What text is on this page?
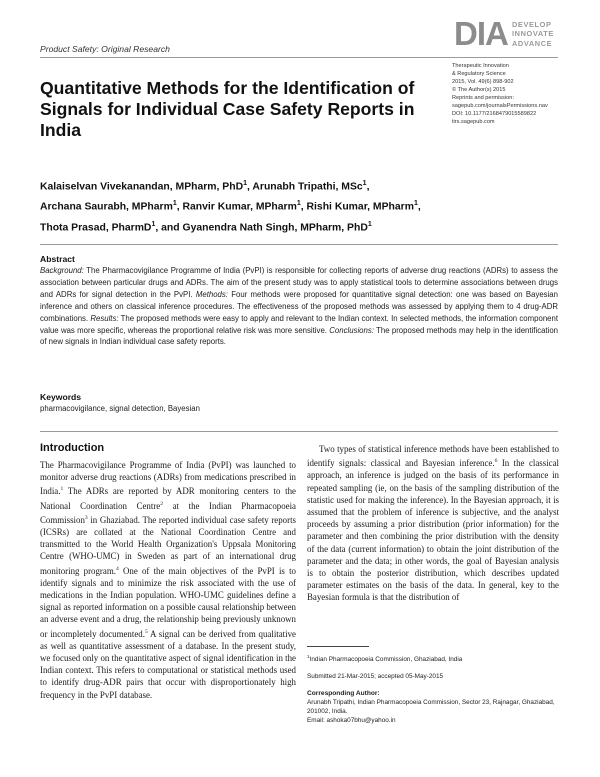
Product Safety: Original Research	DIA DEVELOP
INNOVATE
ADVANCE
Therapeutic Innovation
& Regulatory Science
2015, Vol. 49(6) 898-902
© The Author(s) 2015
Reprints and permission:
sagepub.com/journalsPermissions.nav
DOI: 10.1177/2168479015589822
tirs.sagepub.com
Quantitative Methods for the Identification of Signals for Individual Case Safety Reports in India
Kalaiselvan Vivekanandan, MPharm, PhD$^1$, Arunabh Tripathi, MSc$^1$,
Archana Saurabh, MPharm$^1$, Ranvir Kumar, MPharm$^1$, Rishi Kumar, MPharm$^1$,
Thota Prasad, PharmD$^1$, and Gyanendra Nath Singh, MPharm, PhD$^1$
Abstract

Background: The Pharmacovigilance Programme of India (PvPI) is responsible for collecting reports of adverse drug reactions (ADRs) to assess the association between particular drugs and ADRs. The aim of the present study was to apply statistical tools to determine associations between drugs and ADRs for signal detection in the PvPI. Methods: Four methods were proposed for quantitative signal detection: one was based on Bayesian inference and others on classical inference procedures. The effectiveness of the proposed methods was assessed by applying them to 4 drug-ADR combinations. Results: The proposed methods were easy to apply and relevant to the Indian context. In selected methods, the information component value was more specific, whereas the proportional relative risk was more sensitive. Conclusions: The proposed methods may help in the identification of new signals in Indian individual case safety reports.

Keywords

pharmacovigilance, signal detection, Bayesian

Introduction

The Pharmacovigilance Programme of India (PvPI) was launched to monitor adverse drug reactions (ADRs) from medications prescribed in India.$^1$ The ADRs are reported by ADR monitoring centers to the National Coordination Centre$^2$ at the Indian Pharmacopoeia Commission$^3$ in Ghaziabad. The reported individual case safety reports (ICSRs) are collated at the National Coordination Centre and transmitted to the World Health Organization's Uppsala Monitoring Centre (WHO-UMC) in Sweden as part of an international drug monitoring program.$^4$ One of the main objectives of the PvPI is to identify signals and to minimize the risk associated with the use of medications in the Indian population. WHO-UMC guidelines define a signal as reported information on a possible causal relationship between an adverse event and a drug, the relationship being previously unknown or incompletely documented.$^5$ A signal can be derived from qualitative as well as quantitative assessment of a database. In the present study, we focused only on the quantitative aspect of signal identification in the Indian context. This refers to computational or statistical methods used to identify drug-ADR pairs that occur with disproportionately high frequency in the PvPI database.

Two types of statistical inference methods have been established to identify signals: classical and Bayesian inference.$^6$ In the classical approach, an inference is judged on the basis of its performance in repeated sampling (ie, on the basis of the sampling distribution of the statistic used for making the inference). In the Bayesian approach, it is assumed that the problem of inference is subjective, and the analyst proceeds by assuming a prior distribution (prior information) for the parameter and then combining the prior distribution with the density of the data (current information) to obtain the joint distribution of the parameter and the data; in other words, the goal of Bayesian analysis is to obtain the posterior distribution, which describes updated parameter estimates on the basis of the data. In general, key to the Bayesian formula is that the distribution of

$^1$Indian Pharmacopoeia Commission, Ghaziabad, India
Submitted 21-Mar-2015; accepted 05-May-2015
Corresponding Author:
Arunabh Tripathi, Indian Pharmacopoeia Commission, Sector 23, Rajnagar, Ghaziabad, 201002, India.
Email: ashoka07bhu@yahoo.in
